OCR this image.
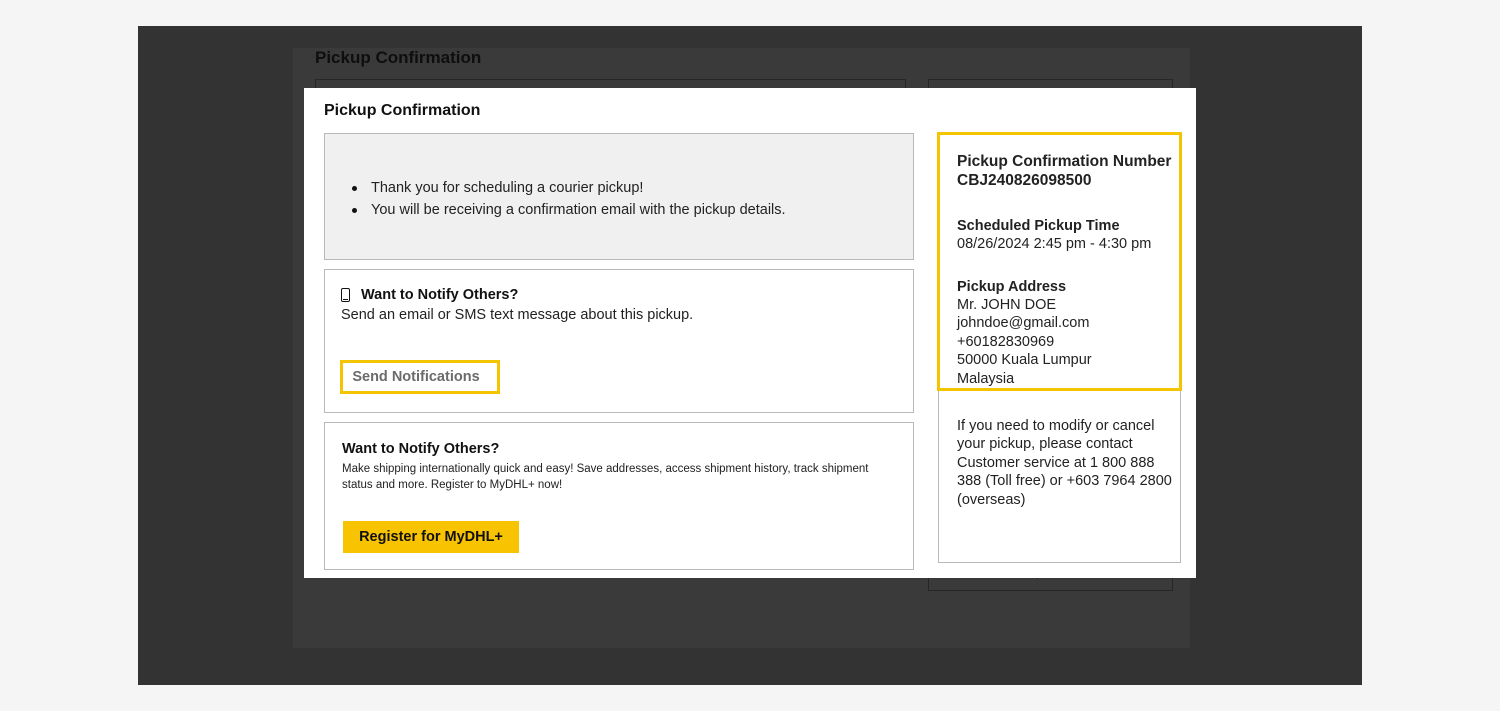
Pickup Confirmation
Pickup Confirmation
Thank you for scheduling a courier pickup!
You will be receiving a confirmation email with the pickup details.
Want to Notify Others?
Send an email or SMS text message about this pickup.
Send Notifications
Want to Notify Others?
Make shipping internationally quick and easy! Save addresses, access shipment history, track shipment status and more. Register to MyDHL+ now!
Register for MyDHL+
Pickup Confirmation Number CBJ240826098500
Scheduled Pickup Time
08/26/2024 2:45 pm - 4:30 pm
Pickup Address
Mr. JOHN DOE
johndoe@gmail.com
+60182830969
50000 Kuala Lumpur
Malaysia
If you need to modify or cancel your pickup, please contact Customer service at 1 800 888 388 (Toll free) or +603 7964 2800 (overseas)
